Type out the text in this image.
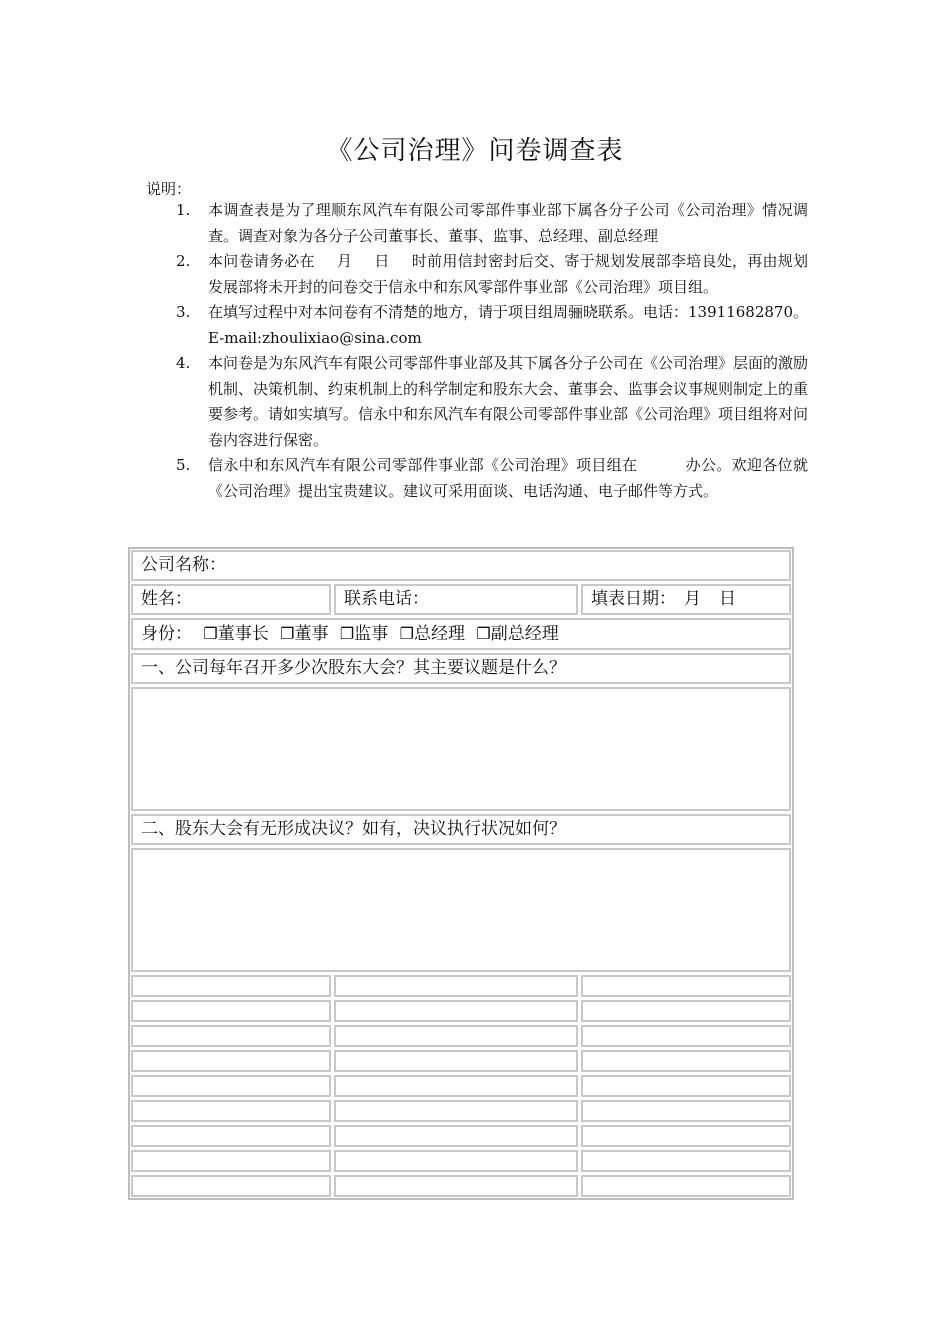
《公司治理》问卷调查表
说明：
1.	本调查表是为了理顺东风汽车有限公司零部件事业部下属各分子公司《公司治理》情况调查。调查对象为各分子公司董事长、董事、监事、总经理、副总经理
2.	本问卷请务必在 月 日 时前用信封密封后交、寄于规划发展部李培良处，再由规划发展部将未开封的问卷交于信永中和东风零部件事业部《公司治理》项目组。
3.	在填写过程中对本问卷有不清楚的地方，请于项目组周骊晓联系。电话：13911682870。E-mail:zhoulixiao@sina.com
4.	本问卷是为东风汽车有限公司零部件事业部及其下属各分子公司在《公司治理》层面的激励机制、决策机制、约束机制上的科学制定和股东大会、董事会、监事会议事规则制定上的重要参考。请如实填写。信永中和东风汽车有限公司零部件事业部《公司治理》项目组将对问卷内容进行保密。
5.	信永中和东风汽车有限公司零部件事业部《公司治理》项目组在	办公。欢迎各位就《公司治理》提出宝贵建议。建议可采用面谈、电话沟通、电子邮件等方式。
公司名称：
姓名：	联系电话：	填表日期： 月 日
身份： ❐董事长 ❐董事 ❐监事 ❐总经理 ❐副总经理
一、公司每年召开多少次股东大会？其主要议题是什么？
二、股东大会有无形成决议？如有，决议执行状况如何？
